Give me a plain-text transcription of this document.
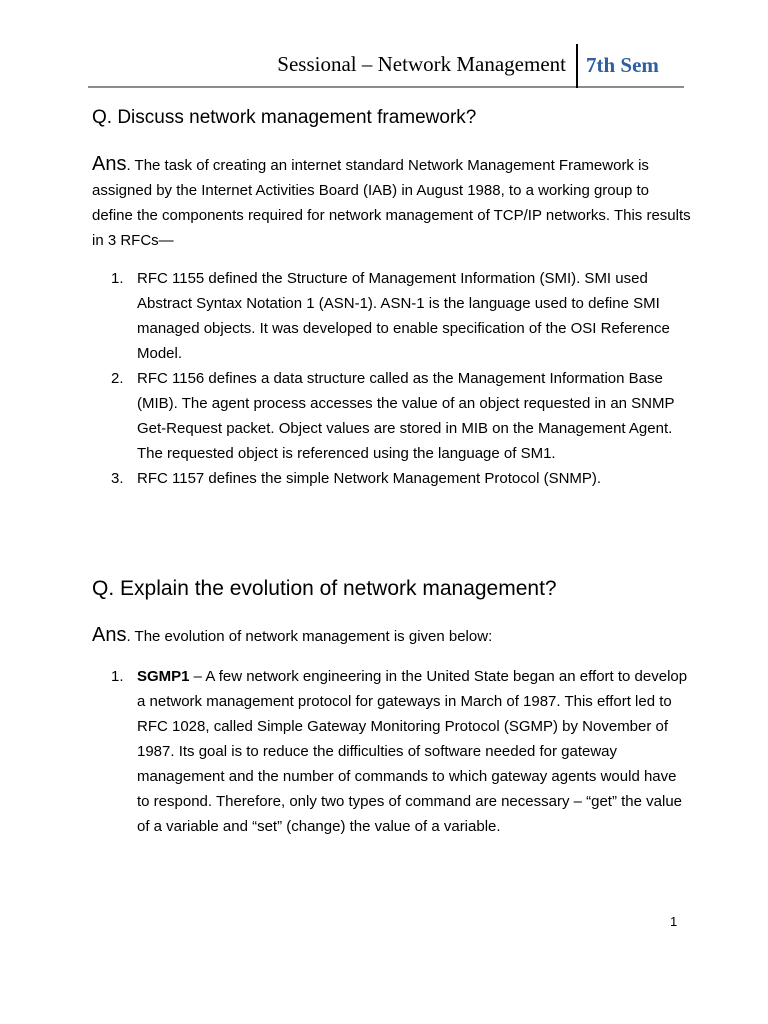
Sessional – Network Management 7th Sem
Q. Discuss network management framework?

Ans. The task of creating an internet standard Network Management Framework is assigned by the Internet Activities Board (IAB) in August 1988, to a working group to define the components required for network management of TCP/IP networks. This results in 3 RFCs—

1. RFC 1155 defined the Structure of Management Information (SMI). SMI used Abstract Syntax Notation 1 (ASN-1). ASN-1 is the language used to define SMI managed objects. It was developed to enable specification of the OSI Reference Model.
2. RFC 1156 defines a data structure called as the Management Information Base (MIB). The agent process accesses the value of an object requested in an SNMP Get-Request packet. Object values are stored in MIB on the Management Agent. The requested object is referenced using the language of SM1.
3. RFC 1157 defines the simple Network Management Protocol (SNMP).
Q. Explain the evolution of network management?

Ans. The evolution of network management is given below:

1. SGMP1 – A few network engineering in the United State began an effort to develop a network management protocol for gateways in March of 1987. This effort led to RFC 1028, called Simple Gateway Monitoring Protocol (SGMP) by November of 1987. Its goal is to reduce the difficulties of software needed for gateway management and the number of commands to which gateway agents would have to respond. Therefore, only two types of command are necessary – “get” the value of a variable and “set” (change) the value of a variable.
1
